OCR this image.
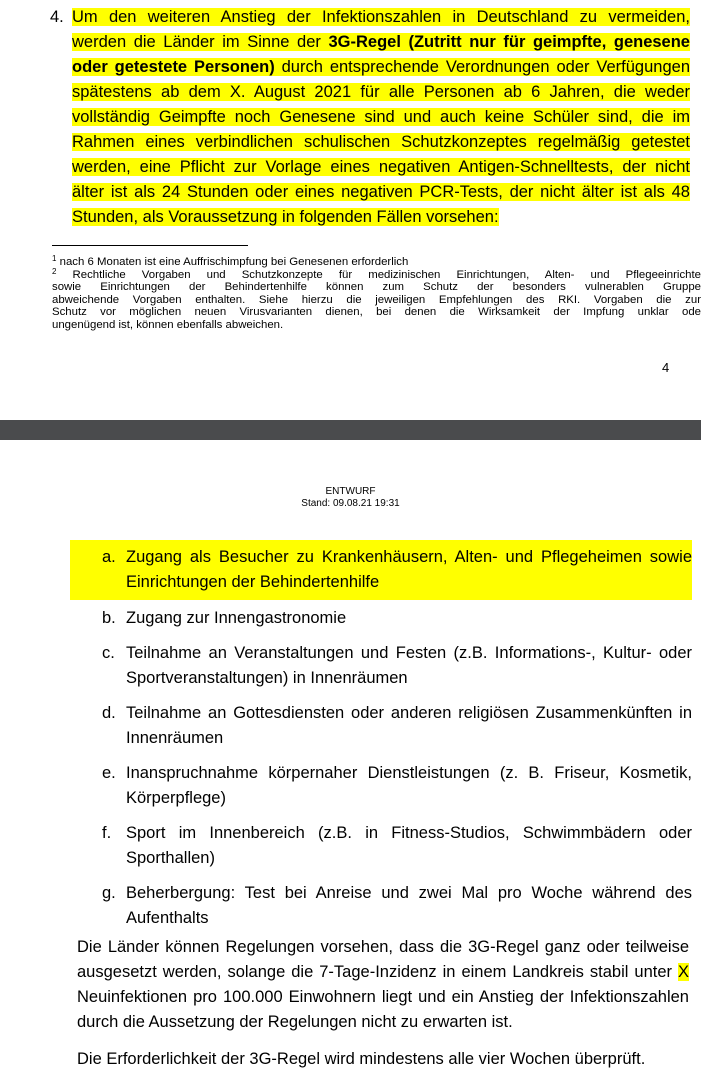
4. Um den weiteren Anstieg der Infektionszahlen in Deutschland zu vermeiden,
werden die Länder im Sinne der 3G-Regel (Zutritt nur für geimpfte, genesene
oder getestete Personen) durch entsprechende Verordnungen oder Verfügungen
spätestens ab dem X. August 2021 für alle Personen ab 6 Jahren, die weder
vollständig Geimpfte noch Genesene sind und auch keine Schüler sind, die im
Rahmen eines verbindlichen schulischen Schutzkonzeptes regelmäßig getestet
werden, eine Pflicht zur Vorlage eines negativen Antigen-Schnelltests, der nicht
älter ist als 24 Stunden oder eines negativen PCR-Tests, der nicht älter ist als 48
Stunden, als Voraussetzung in folgenden Fällen vorsehen:
$^1$ nach 6 Monaten ist eine Auffrischimpfung bei Genesenen erforderlich
$^2$ Rechtliche Vorgaben und Schutzkonzepte für medizinischen Einrichtungen, Alten- und Pflegeeinrichte
sowie Einrichtungen der Behindertenhilfe können zum Schutz der besonders vulnerablen Gruppe
abweichende Vorgaben enthalten. Siehe hierzu die jeweiligen Empfehlungen des RKI. Vorgaben die zur
Schutz vor möglichen neuen Virusvarianten dienen, bei denen die Wirksamkeit der Impfung unklar ode
ungenügend ist, können ebenfalls abweichen.
4
ENTWURF
Stand: 09.08.21 19:31
a. Zugang als Besucher zu Krankenhäusern, Alten- und Pflegeheimen sowie
Einrichtungen der Behindertenhilfe
b. Zugang zur Innengastronomie
c. Teilnahme an Veranstaltungen und Festen (z.B. Informations-, Kultur- oder
Sportveranstaltungen) in Innenräumen
d. Teilnahme an Gottesdiensten oder anderen religiösen Zusammenkünften in
Innenräumen
e. Inanspruchnahme körpernaher Dienstleistungen (z. B. Friseur, Kosmetik,
Körperpflege)
f. Sport im Innenbereich (z.B. in Fitness-Studios, Schwimmbädern oder
Sporthallen)
g. Beherbergung: Test bei Anreise und zwei Mal pro Woche während des
Aufenthalts
Die Länder können Regelungen vorsehen, dass die 3G-Regel ganz oder teilweise
ausgesetzt werden, solange die 7-Tage-Inzidenz in einem Landkreis stabil unter X
Neuinfektionen pro 100.000 Einwohnern liegt und ein Anstieg der Infektionszahlen
durch die Aussetzung der Regelungen nicht zu erwarten ist.
Die Erforderlichkeit der 3G-Regel wird mindestens alle vier Wochen überprüft.
